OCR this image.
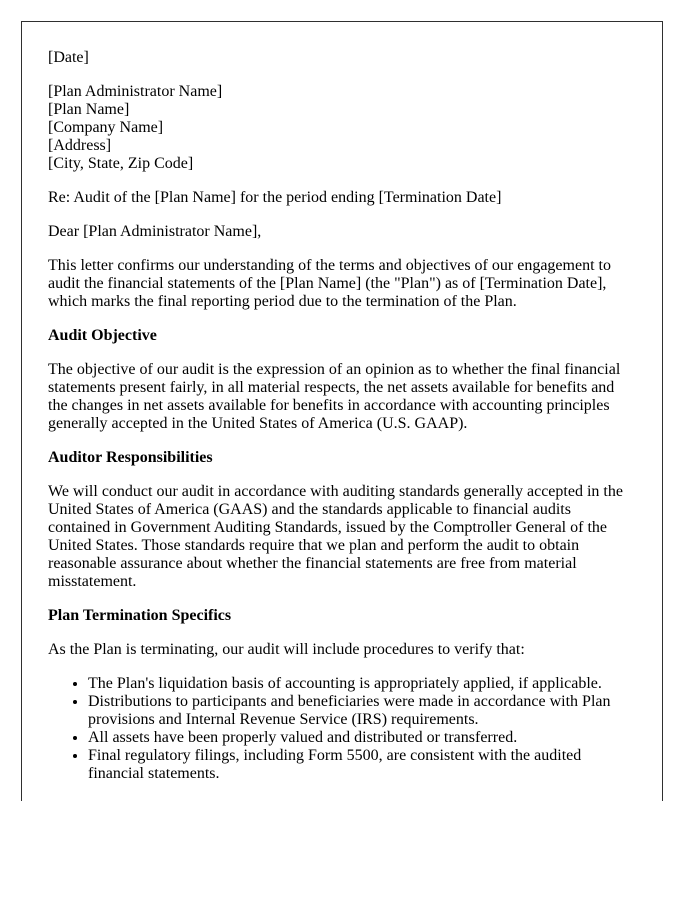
[Date]

[Plan Administrator Name]
[Plan Name]
[Company Name]
[Address]
[City, State, Zip Code]

Re: Audit of the [Plan Name] for the period ending [Termination Date]

Dear [Plan Administrator Name],

This letter confirms our understanding of the terms and objectives of our engagement to audit the financial statements of the [Plan Name] (the "Plan") as of [Termination Date], which marks the final reporting period due to the termination of the Plan.

Audit Objective

The objective of our audit is the expression of an opinion as to whether the final financial statements present fairly, in all material respects, the net assets available for benefits and the changes in net assets available for benefits in accordance with accounting principles generally accepted in the United States of America (U.S. GAAP).

Auditor Responsibilities

We will conduct our audit in accordance with auditing standards generally accepted in the United States of America (GAAS) and the standards applicable to financial audits contained in Government Auditing Standards, issued by the Comptroller General of the United States. Those standards require that we plan and perform the audit to obtain reasonable assurance about whether the financial statements are free from material misstatement.

Plan Termination Specifics

As the Plan is terminating, our audit will include procedures to verify that:

• The Plan's liquidation basis of accounting is appropriately applied, if applicable.
• Distributions to participants and beneficiaries were made in accordance with Plan provisions and Internal Revenue Service (IRS) requirements.
• All assets have been properly valued and distributed or transferred.
• Final regulatory filings, including Form 5500, are consistent with the audited financial statements.
